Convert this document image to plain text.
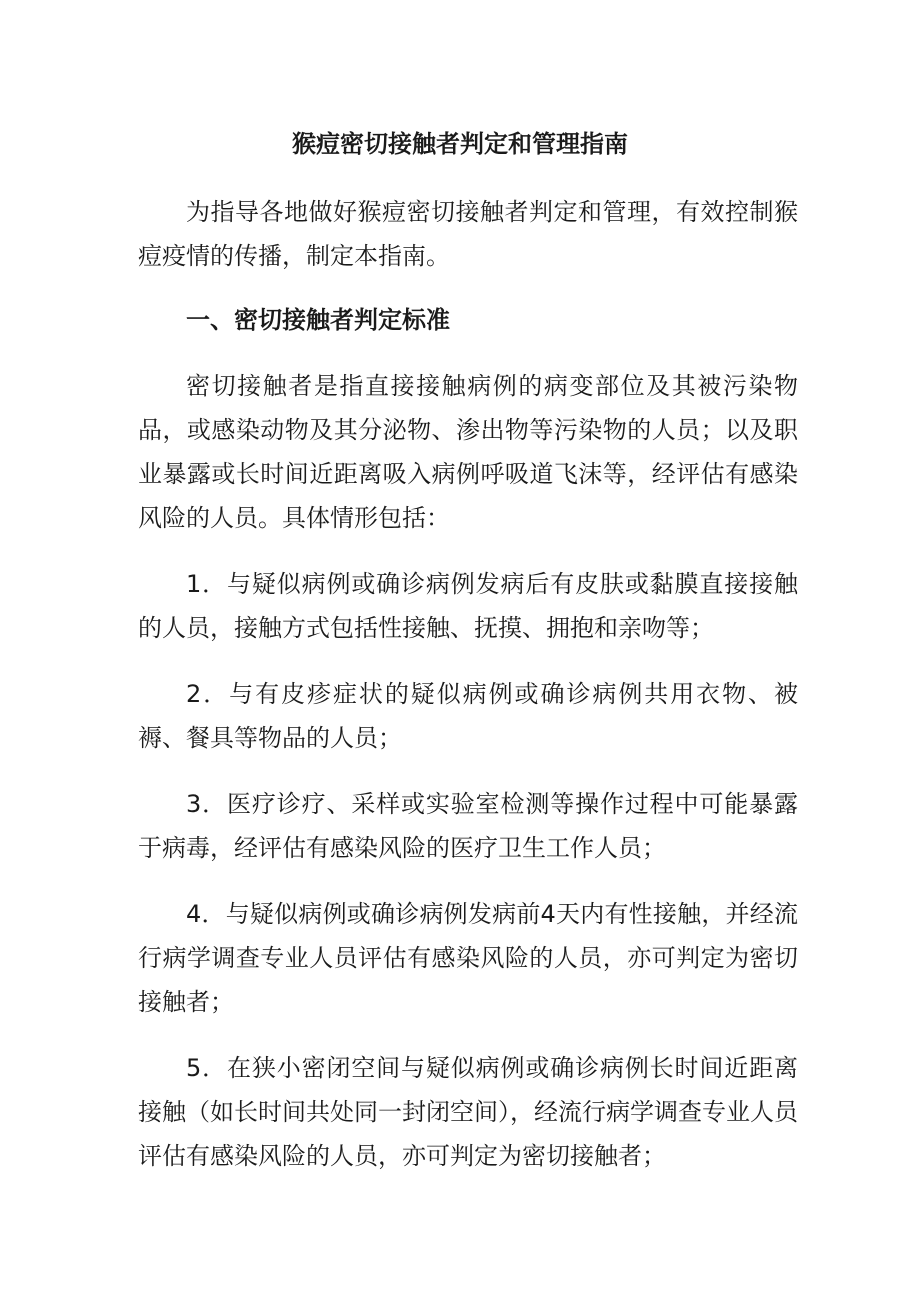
猴痘密切接触者判定和管理指南

为指导各地做好猴痘密切接触者判定和管理，有效控制猴痘疫情的传播，制定本指南。

一、密切接触者判定标准

密切接触者是指直接接触病例的病变部位及其被污染物品，或感染动物及其分泌物、渗出物等污染物的人员；以及职业暴露或长时间近距离吸入病例呼吸道飞沫等，经评估有感染风险的人员。具体情形包括：

1．与疑似病例或确诊病例发病后有皮肤或黏膜直接接触的人员，接触方式包括性接触、抚摸、拥抱和亲吻等；

2．与有皮疹症状的疑似病例或确诊病例共用衣物、被褥、餐具等物品的人员；

3．医疗诊疗、采样或实验室检测等操作过程中可能暴露于病毒，经评估有感染风险的医疗卫生工作人员；

4．与疑似病例或确诊病例发病前4天内有性接触，并经流行病学调查专业人员评估有感染风险的人员，亦可判定为密切接触者；

5．在狭小密闭空间与疑似病例或确诊病例长时间近距离接触（如长时间共处同一封闭空间），经流行病学调查专业人员评估有感染风险的人员，亦可判定为密切接触者；
